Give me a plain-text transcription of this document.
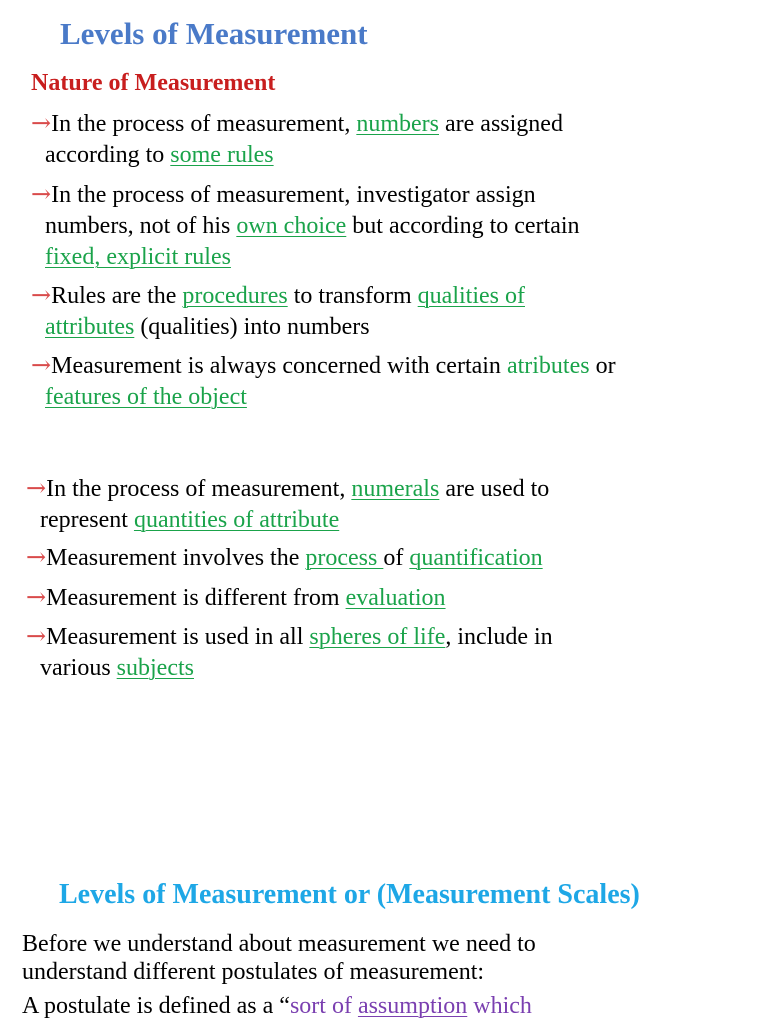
Levels of Measurement
Nature of Measurement

→In the process of measurement, numbers are assigned
according to some rules

→In the process of measurement, investigator assign
numbers, not of his own choice but according to certain
fixed, explicit rules

→Rules are the procedures to transform qualities of
attributes (qualities) into numbers

→Measurement is always concerned with certain atributes or
features of the object

→In the process of measurement, numerals are used to
represent quantities of attribute

→Measurement involves the process of quantification

→Measurement is different from evaluation

→Measurement is used in all spheres of life, include in
various subjects

Levels of Measurement or (Measurement Scales)

Before we understand about measurement we need to

understand different postulates of measurement:

A postulate is defined as a “sort of assumption which
